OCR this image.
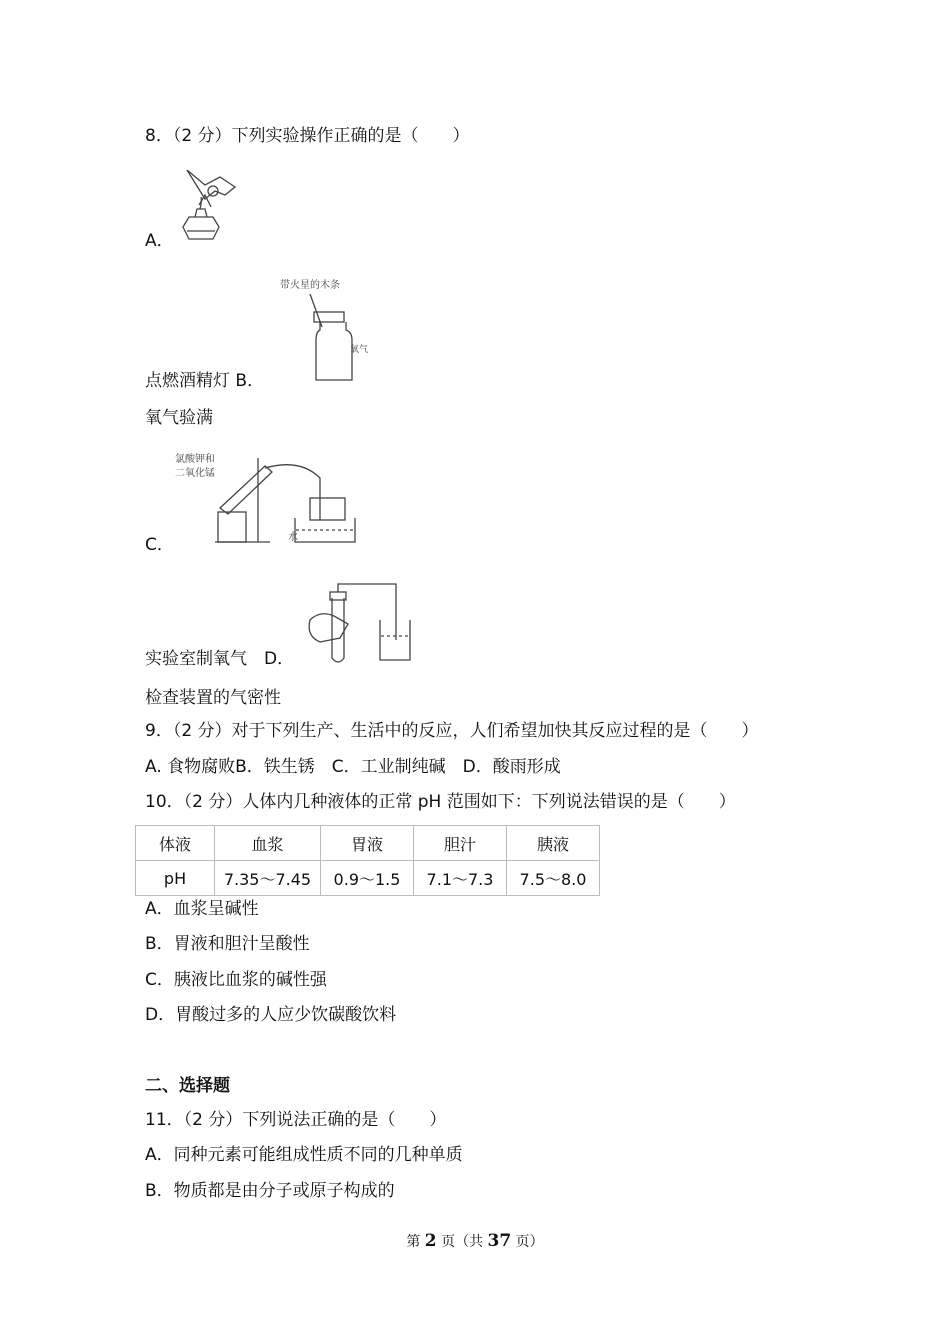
8．（2 分）下列实验操作正确的是（　　）
A．
带火星的木条
氧气
点燃酒精灯 B．
氧气验满
氯酸钾和
二氧化锰
水
C．
实验室制氧气　D．
检查装置的气密性
9．（2 分）对于下列生产、生活中的反应，人们希望加快其反应过程的是（　　）
A. 食物腐败B．铁生锈　C．工业制纯碱　D．酸雨形成
10．（2 分）人体内几种液体的正常 pH 范围如下：下列说法错误的是（　　）
体液	血浆	胃液	胆汁	胰液
pH	7.35～7.45	0.9～1.5	7.1～7.3	7.5～8.0
A．血浆呈碱性
B．胃液和胆汁呈酸性
C．胰液比血浆的碱性强
D．胃酸过多的人应少饮碳酸饮料
二、选择题
11．（2 分）下列说法正确的是（　　）
A．同种元素可能组成性质不同的几种单质
B．物质都是由分子或原子构成的
第 2 页（共 37 页）
